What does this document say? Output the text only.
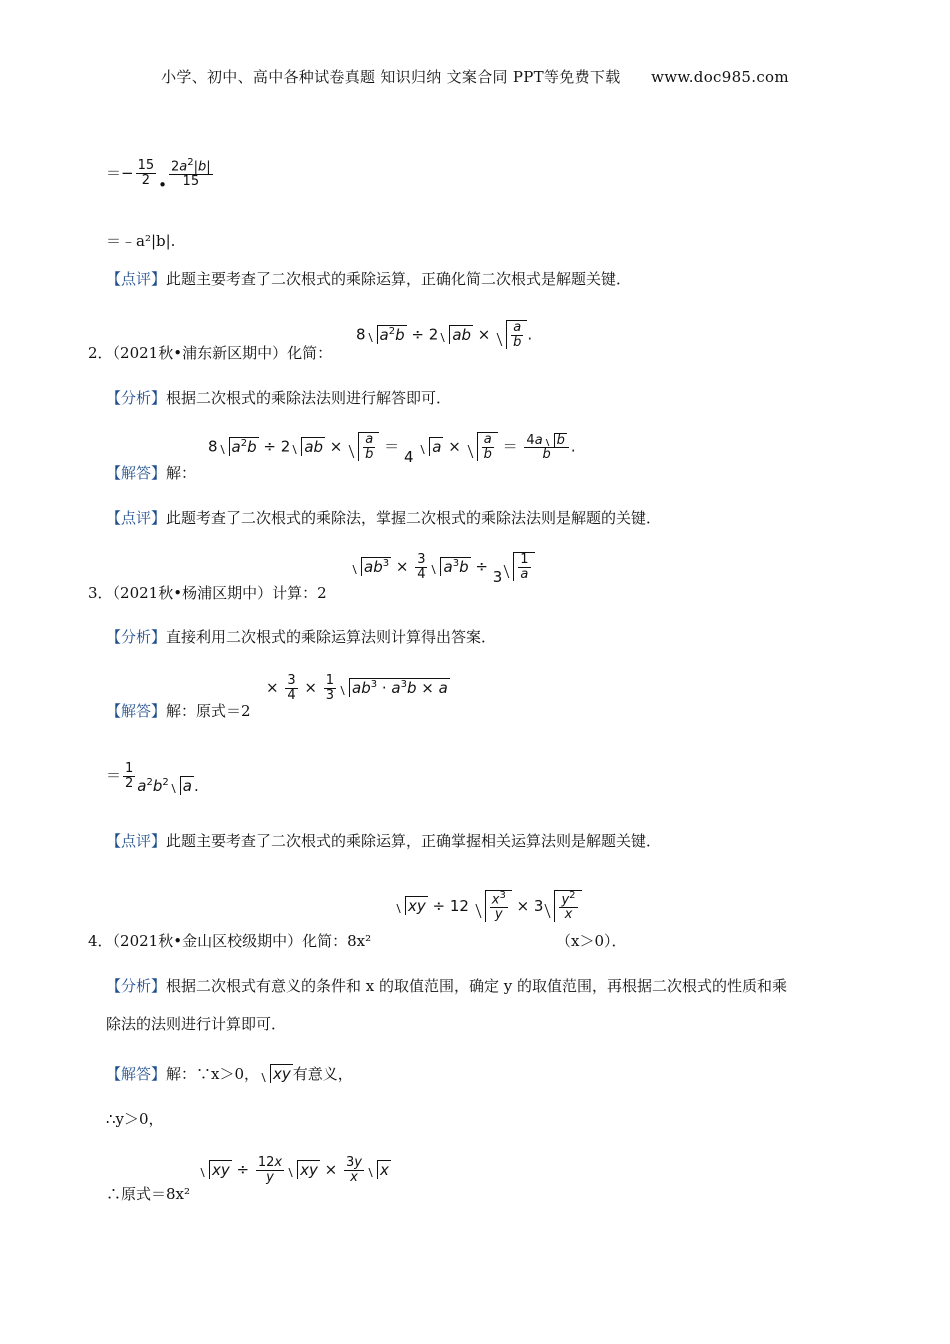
小学、初中、高中各种试卷真题 知识归纳 文案合同 PPT等免费下载　　www.doc985.com
＝− $\frac{15}{2}$ • $\frac{2a^2|b|}{15}$
＝﹣a²|b|.
【点评】此题主要考查了二次根式的乘除运算，正确化简二次根式是解题关键．
2．（2021秋•浦东新区期中）化简：
8 $a^2b \div 2$ ab × $\frac{a}{b}$ .
【分析】根据二次根式的乘除法法则进行解答即可．
【解答】解：
8 $a^2b \div 2$ ab × $\frac{a}{b} = 4$ $a \times \frac{a}{b} = \frac{\text{4a b}}{b}$ .
【点评】此题考查了二次根式的乘除法，掌握二次根式的乘除法法则是解题的关键．
3．（2021秋•杨浦区期中）计算：2
$ab^3 \times \frac{3}{4} a^3b \div 3 \frac{1}{a}$
【分析】直接利用二次根式的乘除运算法则计算得出答案．
【解答】解：原式＝2
× $\frac{3}{4} \times \frac{1}{3} ab^3 \cdot a^3b \times a$
＝ $\frac{1}{2} a^2b^2$ a .
【点评】此题主要考查了二次根式的乘除运算，正确掌握相关运算法则是解题关键．
4．（2021秋•金山区校级期中）化简：8x²
xy ÷ $12 \frac{x^3}{y} \times 3 \frac{y^2}{x}$
（x＞0）．
【分析】根据二次根式有意义的条件和 x 的取值范围，确定 y 的取值范围，再根据二次根式的性质和乘
除法的法则进行计算即可．
【解答】解：∵x＞0， xy 有意义，
∴y＞0，
∴原式＝8x²
xy ÷ $\frac{12x}{y}$ xy × $\frac{3y}{x}$ x
